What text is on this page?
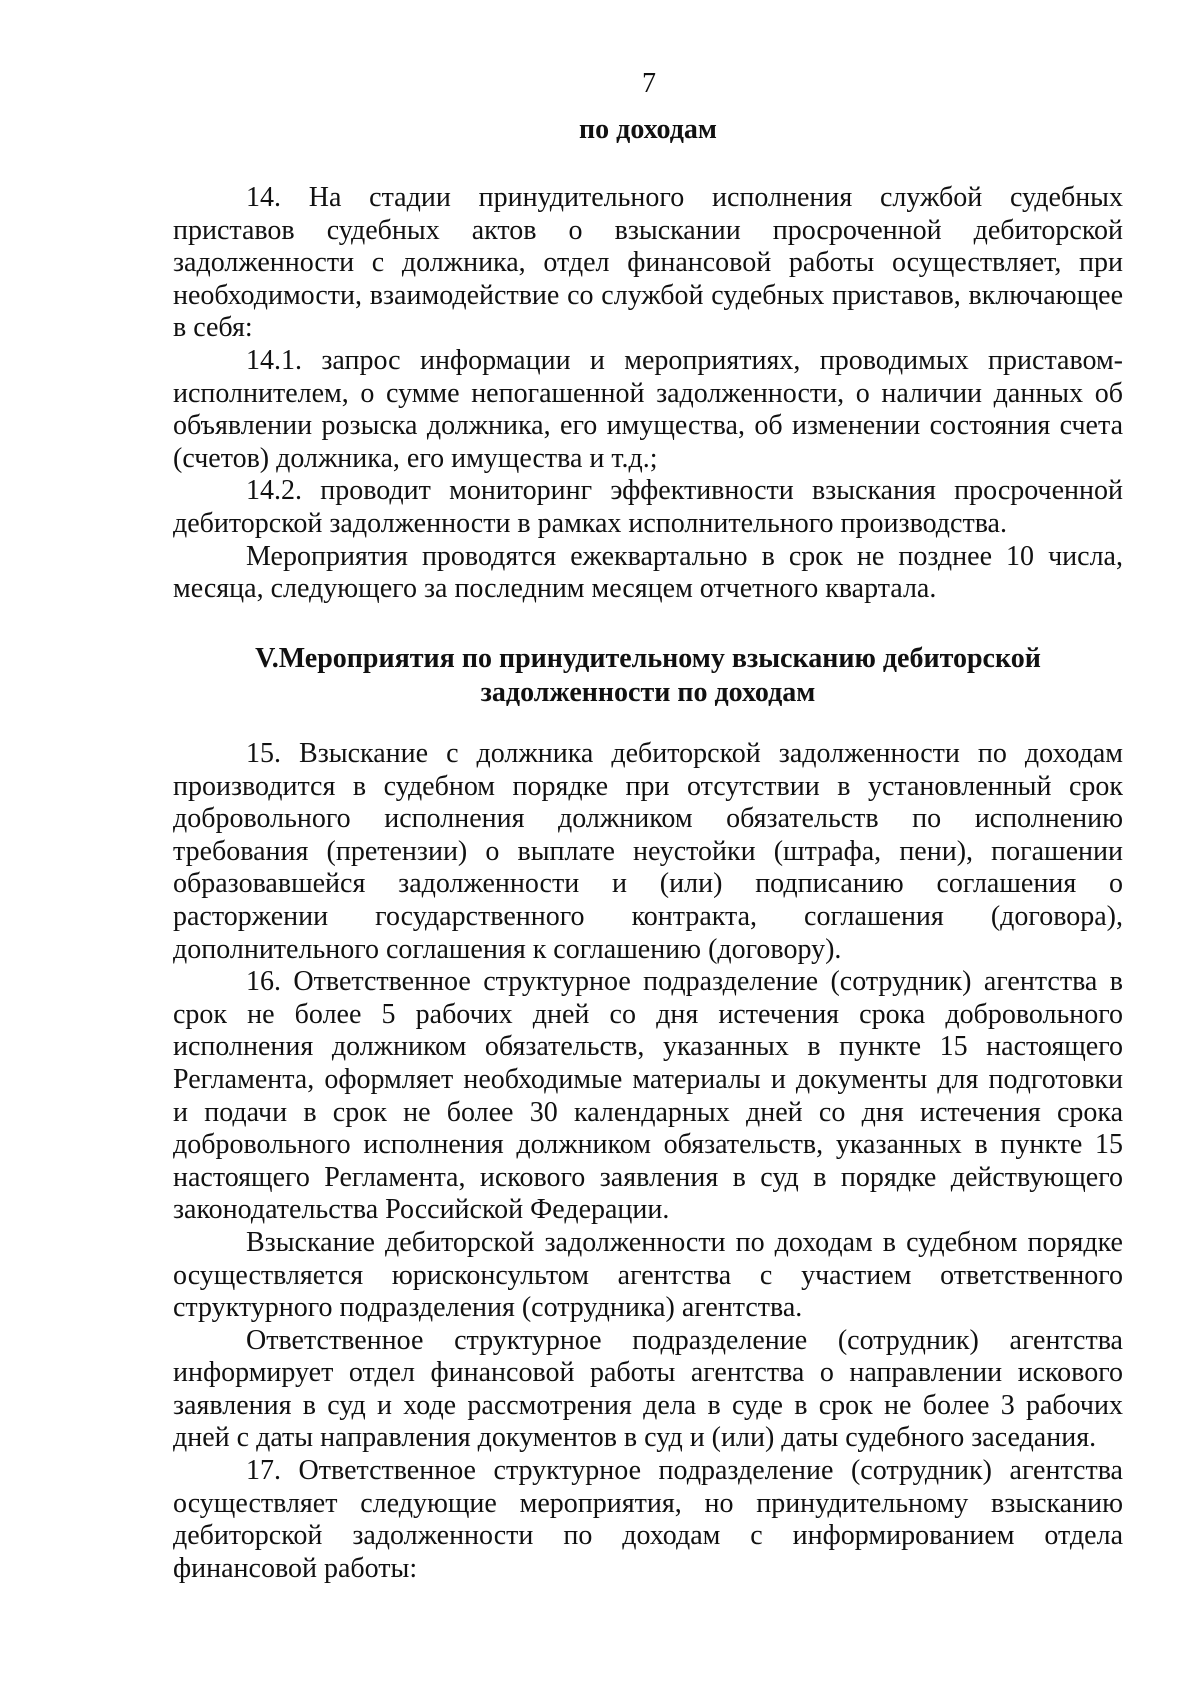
7
по доходам

14. На стадии принудительного исполнения службой судебных приставов судебных актов о взыскании просроченной дебиторской задолженности с должника, отдел финансовой работы осуществляет, при необходимости, взаимодействие со службой судебных приставов, включающее в себя:

14.1. запрос информации и мероприятиях, проводимых приставом-исполнителем, о сумме непогашенной задолженности, о наличии данных об объявлении розыска должника, его имущества, об изменении состояния счета (счетов) должника, его имущества и т.д.;

14.2. проводит мониторинг эффективности взыскания просроченной дебиторской задолженности в рамках исполнительного производства.

Мероприятия проводятся ежеквартально в срок не позднее 10 числа, месяца, следующего за последним месяцем отчетного квартала.

V.Мероприятия по принудительному взысканию дебиторской
задолженности по доходам

15. Взыскание с должника дебиторской задолженности по доходам производится в судебном порядке при отсутствии в установленный срок добровольного исполнения должником обязательств по исполнению требования (претензии) о выплате неустойки (штрафа, пени), погашении образовавшейся задолженности и (или) подписанию соглашения о расторжении государственного контракта, соглашения (договора), дополнительного соглашения к соглашению (договору).

16. Ответственное структурное подразделение (сотрудник) агентства в срок не более 5 рабочих дней со дня истечения срока добровольного исполнения должником обязательств, указанных в пункте 15 настоящего Регламента, оформляет необходимые материалы и документы для подготовки и подачи в срок не более 30 календарных дней со дня истечения срока добровольного исполнения должником обязательств, указанных в пункте 15 настоящего Регламента, искового заявления в суд в порядке действующего законодательства Российской Федерации.

Взыскание дебиторской задолженности по доходам в судебном порядке осуществляется юрисконсультом агентства с участием ответственного структурного подразделения (сотрудника) агентства.

Ответственное структурное подразделение (сотрудник) агентства информирует отдел финансовой работы агентства о направлении искового заявления в суд и ходе рассмотрения дела в суде в срок не более 3 рабочих дней с даты направления документов в суд и (или) даты судебного заседания.

17. Ответственное структурное подразделение (сотрудник) агентства осуществляет следующие мероприятия, но принудительному взысканию дебиторской задолженности по доходам с информированием отдела финансовой работы:
